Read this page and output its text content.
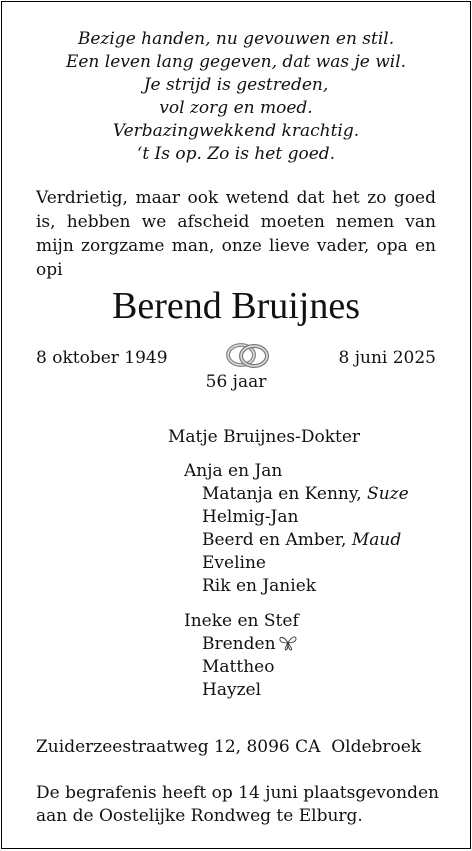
Bezige handen, nu gevouwen en stil.
Een leven lang gegeven, dat was je wil.
Je strijd is gestreden,
vol zorg en moed.
Verbazingwekkend krachtig.
‘t Is op. Zo is het goed.
Verdrietig, maar ook wetend dat het zo goed is, hebben we afscheid moeten nemen van mijn zorgzame man, onze lieve vader, opa en opi
Berend Bruijnes
8 oktober 1949	8 juni 2025
56 jaar
Matje Bruijnes-Dokter
Anja en Jan
Matanja en Kenny, Suze
Helmig-Jan
Beerd en Amber, Maud
Eveline
Rik en Janiek
Ineke en Stef
Brenden
Mattheo
Hayzel
Zuiderzeestraatweg 12, 8096 CA  Oldebroek
De begrafenis heeft op 14 juni plaatsgevonden aan de Oostelijke Rondweg te Elburg.
